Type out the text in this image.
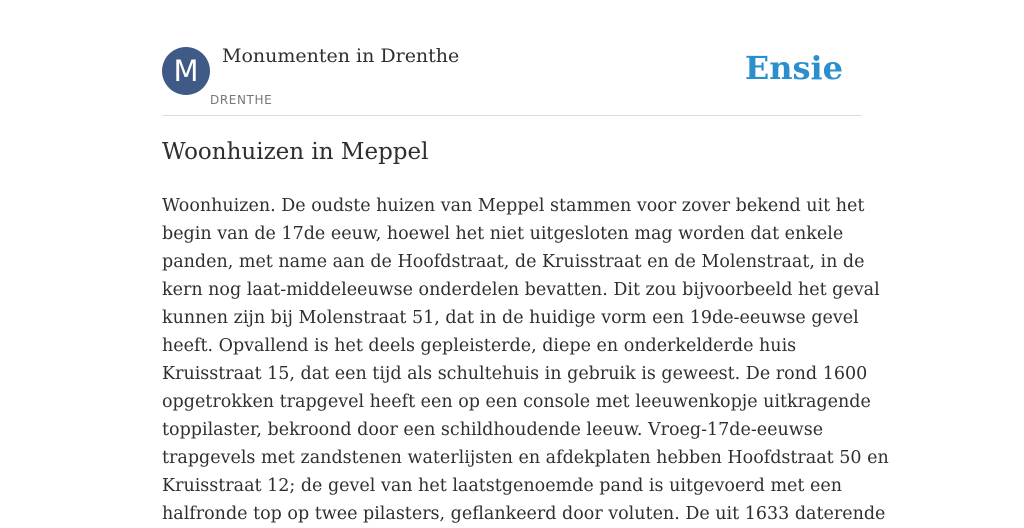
M	Monumenten in Drenthe
DRENTHE
Ensie
Woonhuizen in Meppel

Woonhuizen. De oudste huizen van Meppel stammen voor zover bekend uit het
begin van de 17de eeuw, hoewel het niet uitgesloten mag worden dat enkele
panden, met name aan de Hoofdstraat, de Kruisstraat en de Molenstraat, in de
kern nog laat-middeleeuwse onderdelen bevatten. Dit zou bijvoorbeeld het geval
kunnen zijn bij Molenstraat 51, dat in de huidige vorm een 19de-eeuwse gevel
heeft. Opvallend is het deels gepleisterde, diepe en onderkelderde huis
Kruisstraat 15, dat een tijd als schultehuis in gebruik is geweest. De rond 1600
opgetrokken trapgevel heeft een op een console met leeuwenkopje uitkragende
toppilaster, bekroond door een schildhoudende leeuw. Vroeg-17de-eeuwse
trapgevels met zandstenen waterlijsten en afdekplaten hebben Hoofdstraat 50 en
Kruisstraat 12; de gevel van het laatstgenoemde pand is uitgevoerd met een
halfronde top op twee pilasters, geflankeerd door voluten. De uit 1633 daterende
